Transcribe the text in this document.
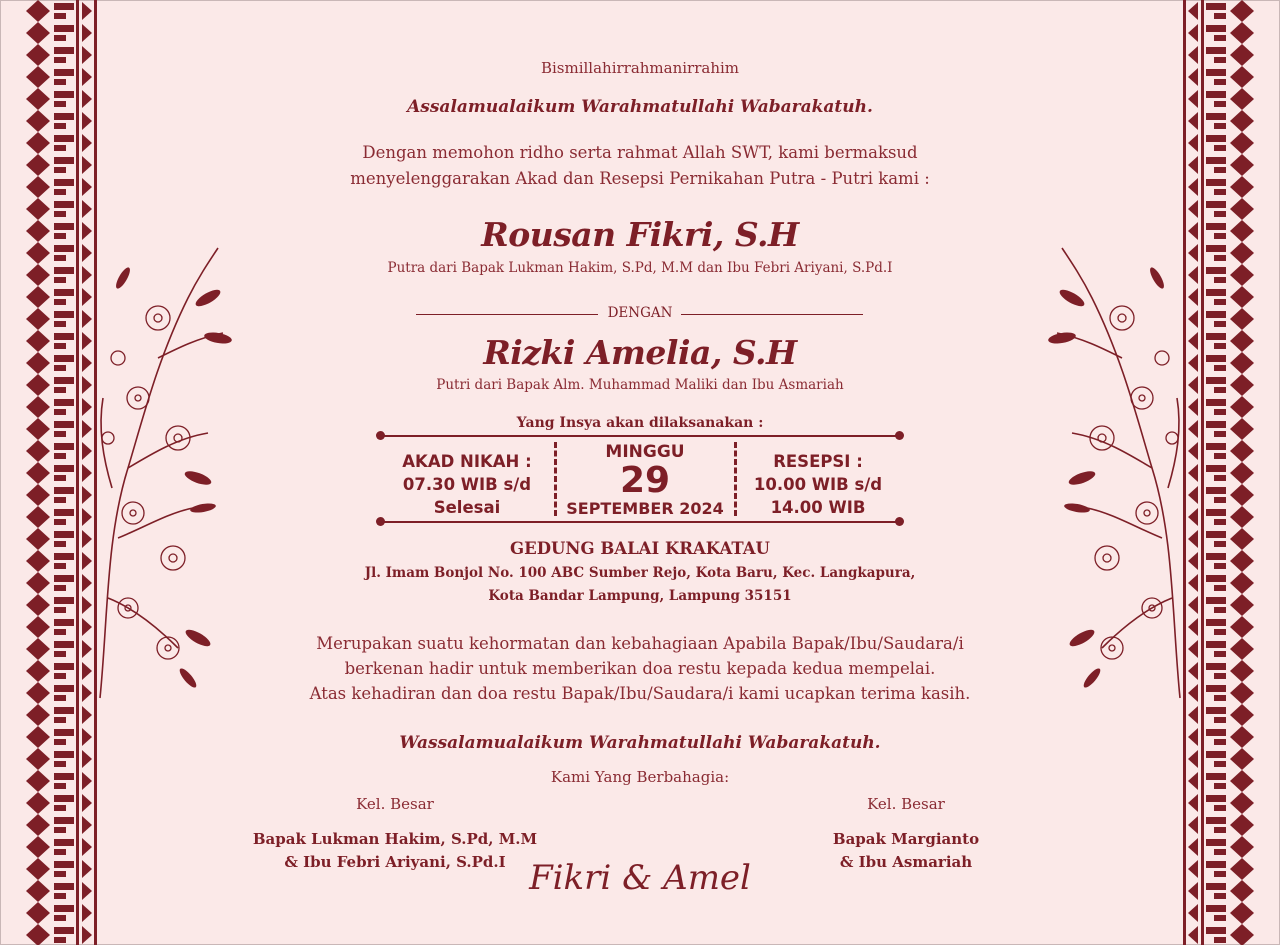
Bismillahirrahmanirrahim
Assalamualaikum Warahmatullahi Wabarakatuh.
Dengan memohon ridho serta rahmat Allah SWT, kami bermaksud
menyelenggarakan Akad dan Resepsi Pernikahan Putra - Putri kami :
Rousan Fikri, S.H
Putra dari Bapak Lukman Hakim, S.Pd, M.M dan Ibu Febri Ariyani, S.Pd.I
DENGAN
Rizki Amelia, S.H
Putri dari Bapak Alm. Muhammad Maliki dan Ibu Asmariah
Yang Insya akan dilaksanakan :
AKAD NIKAH :
07.30 WIB s/d
Selesai
MINGGU
29
SEPTEMBER 2024
RESEPSI :
10.00 WIB s/d
14.00 WIB
GEDUNG BALAI KRAKATAU
Jl. Imam Bonjol No. 100 ABC Sumber Rejo, Kota Baru, Kec. Langkapura,
Kota Bandar Lampung, Lampung 35151
Merupakan suatu kehormatan dan kebahagiaan Apabila Bapak/Ibu/Saudara/i
berkenan hadir untuk memberikan doa restu kepada kedua mempelai.
Atas kehadiran dan doa restu Bapak/Ibu/Saudara/i kami ucapkan terima kasih.
Wassalamualaikum Warahmatullahi Wabarakatuh.
Kami Yang Berbahagia:
Kel. Besar
Bapak Lukman Hakim, S.Pd, M.M
& Ibu Febri Ariyani, S.Pd.I
Kel. Besar
Bapak Margianto
& Ibu Asmariah
Fikri & Amel
